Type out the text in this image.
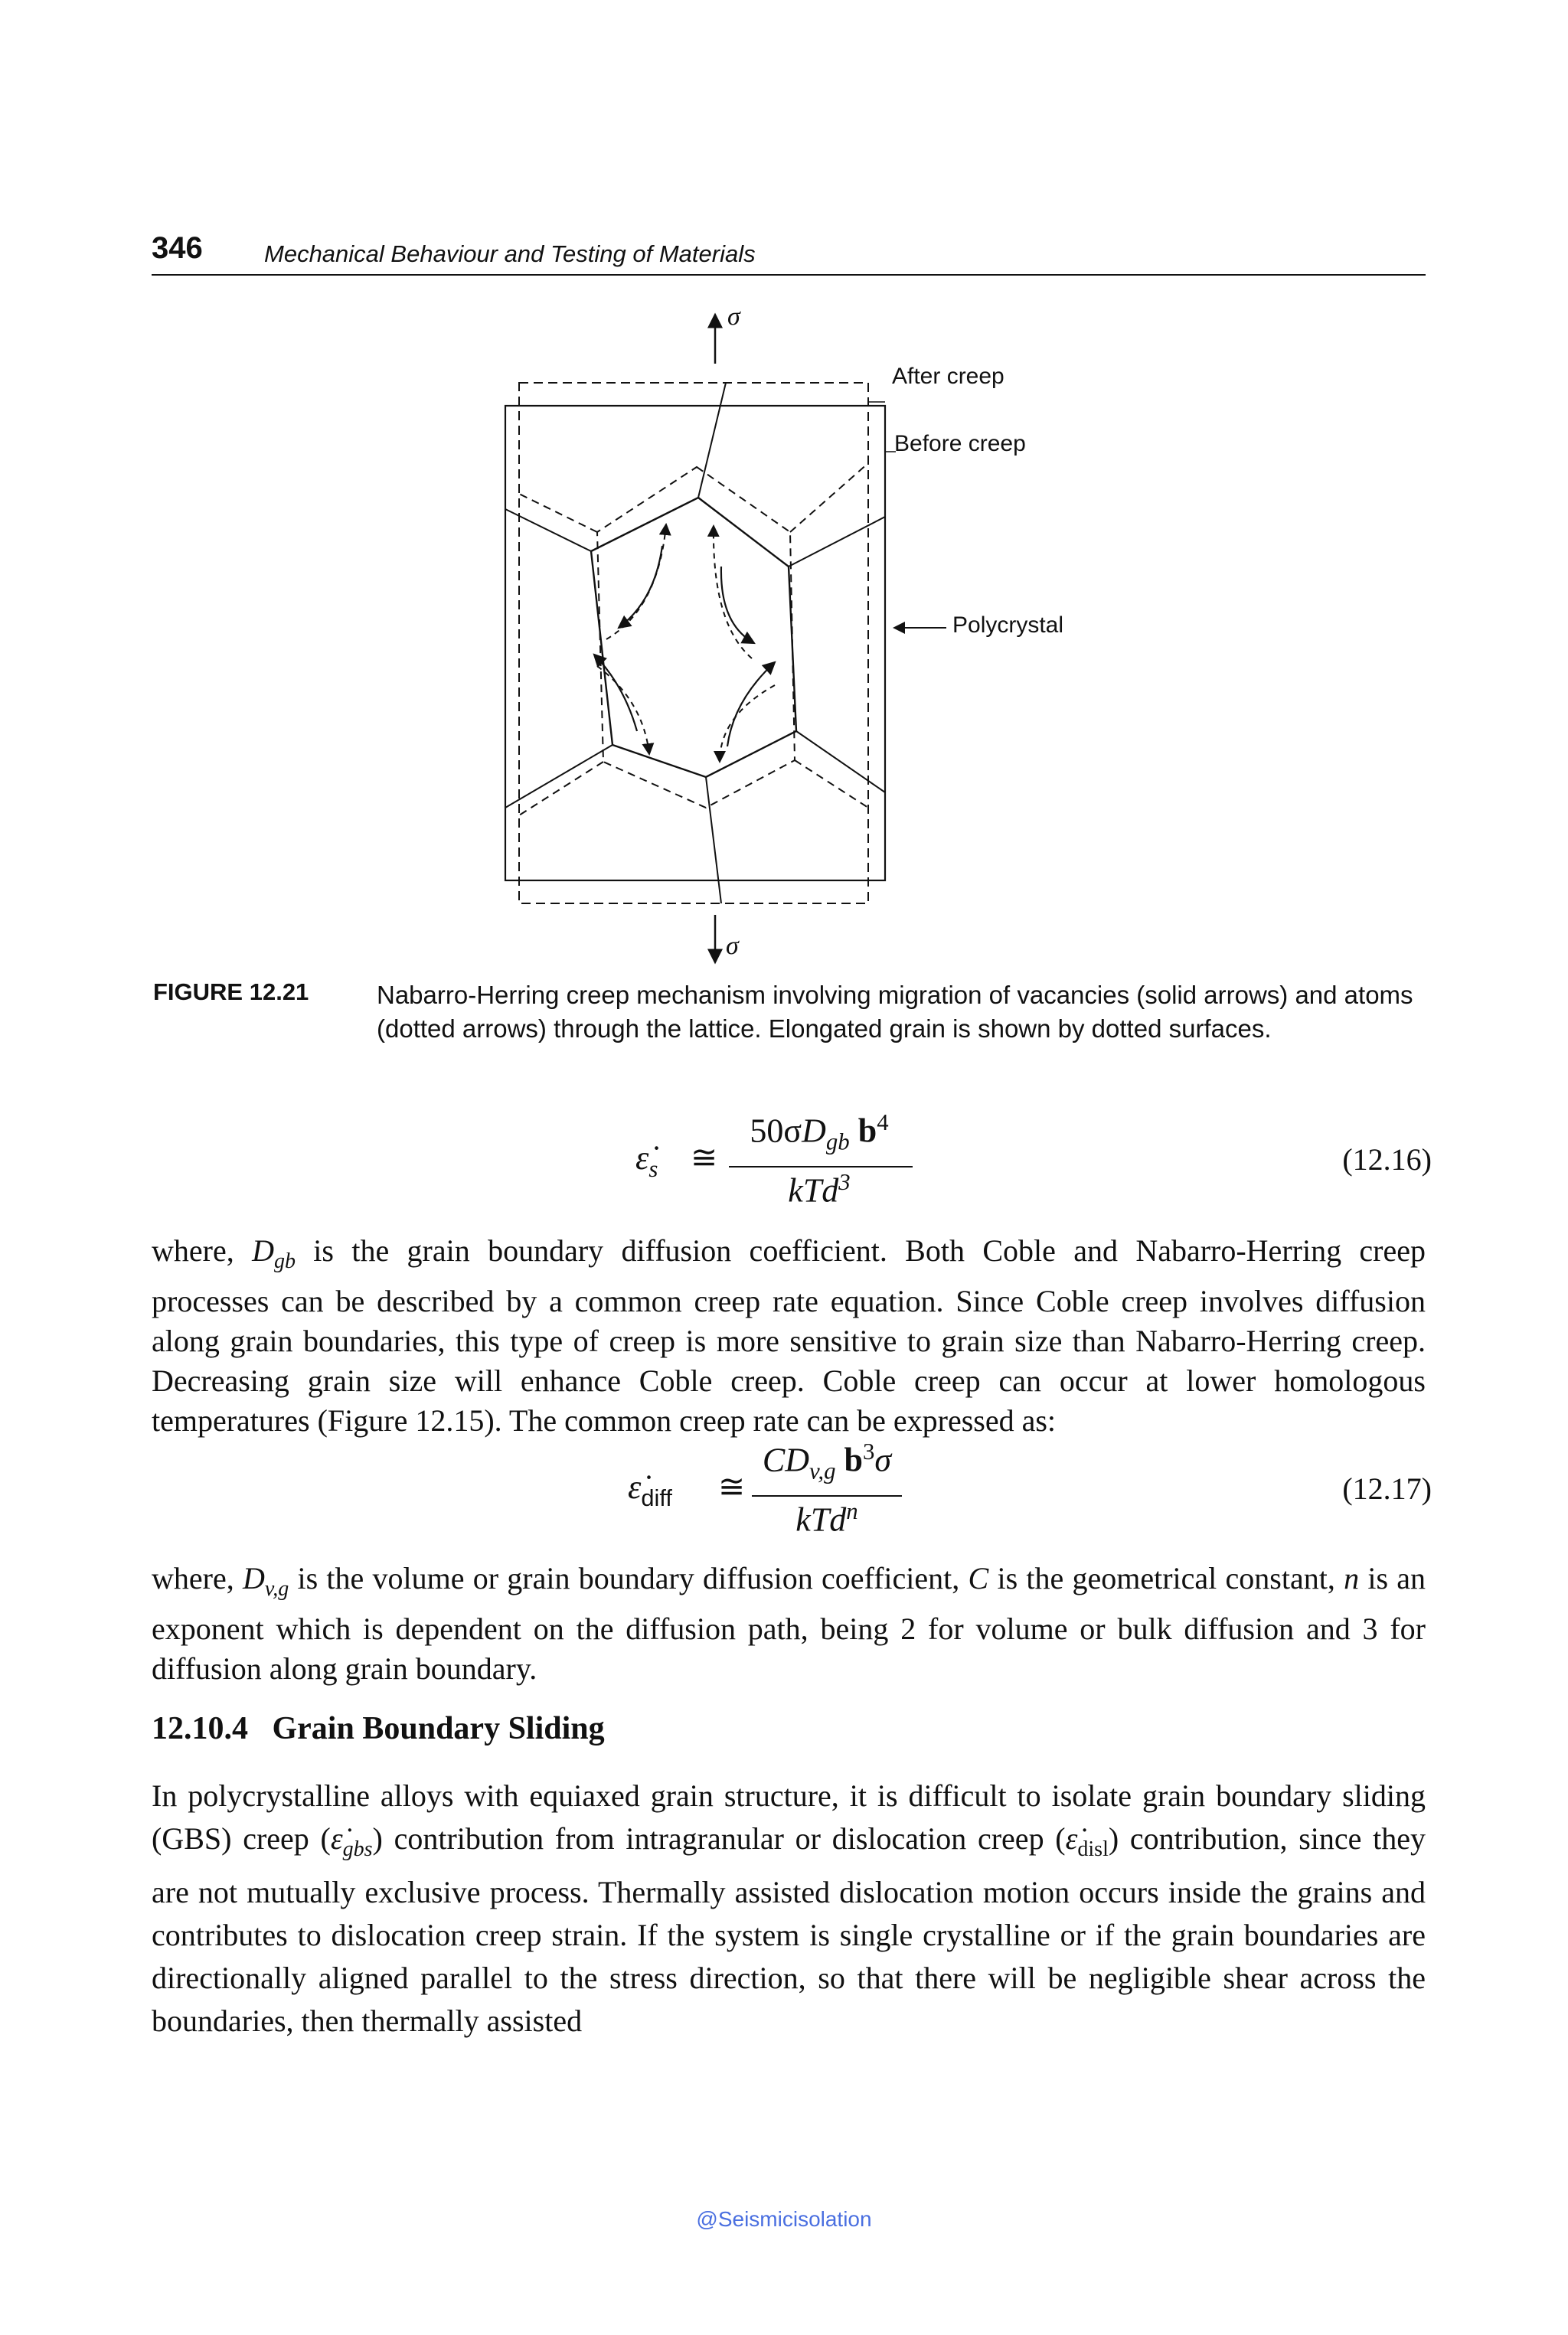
346	Mechanical Behaviour and Testing of Materials
σ
After creep
Before creep
Polycrystal
σ
FIGURE 12.21	Nabarro-Herring creep mechanism involving migration of vacancies (solid arrows) and atoms (dotted arrows) through the lattice. Elongated grain is shown by dotted surfaces.
$\varepsiloṅ_s$ ≅
$50\sigma D_{gb}$ $b^4$
kTd$^3$
(12.16)
where, $D_{gb}$ is the grain boundary diffusion coefficient. Both Coble and Nabarro-Herring creep processes can be described by a common creep rate equation. Since Coble creep involves diffusion along grain boundaries, this type of creep is more sensitive to grain size than Nabarro-Herring creep. Decreasing grain size will enhance Coble creep. Coble creep can occur at lower homologous temperatures (Figure 12.15). The common creep rate can be expressed as:
$\varepsiloṅ_{diff}$ ≅
$CD_{v,g}$ $b^3\sigma$
kTd$^n$
(12.17)
where, $D_{v,g}$ is the volume or grain boundary diffusion coefficient, C is the geometrical constant, n is an exponent which is dependent on the diffusion path, being 2 for volume or bulk diffusion and 3 for diffusion along grain boundary.
12.10.4   Grain Boundary Sliding
In polycrystalline alloys with equiaxed grain structure, it is difficult to isolate grain boundary sliding (GBS) creep $(\varepsiloṅ_{gbs})$ contribution from intragranular or dislocation creep $(\varepsiloṅ_{disl})$ contribution, since they are not mutually exclusive process. Thermally assisted dislocation motion occurs inside the grains and contributes to dislocation creep strain. If the system is single crystalline or if the grain boundaries are directionally aligned parallel to the stress direction, so that there will be negligible shear across the boundaries, then thermally assisted
@Seismicisolation
